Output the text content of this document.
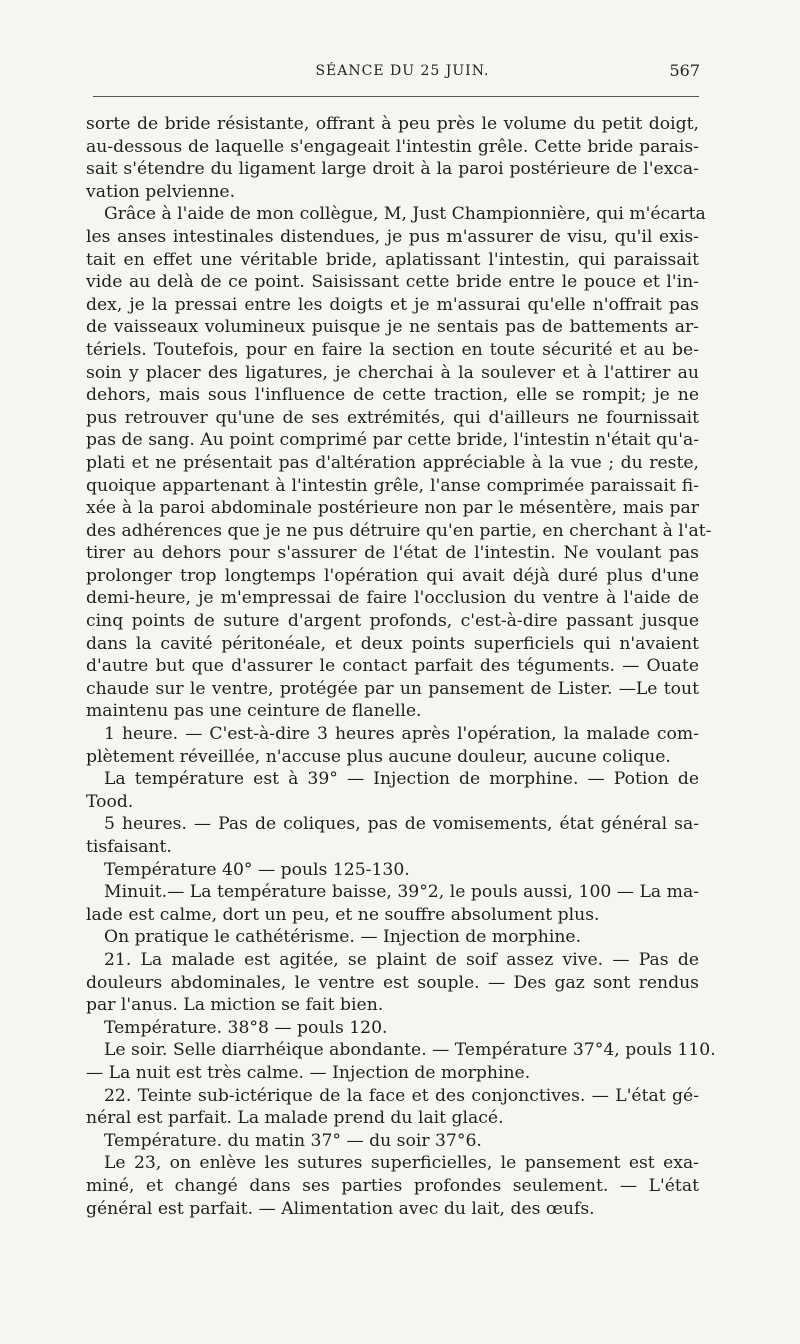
SÉANCE DU 25 JUIN.	567
sorte de bride résistante, offrant à peu près le volume du petit doigt,
au-dessous de laquelle s'engageait l'intestin grêle. Cette bride parais-
sait s'étendre du ligament large droit à la paroi postérieure de l'exca-
vation pelvienne.
Grâce à l'aide de mon collègue, M, Just Championnière, qui m'écarta
les anses intestinales distendues, je pus m'assurer de visu, qu'il exis-
tait en effet une véritable bride, aplatissant l'intestin, qui paraissait
vide au delà de ce point. Saisissant cette bride entre le pouce et l'in-
dex, je la pressai entre les doigts et je m'assurai qu'elle n'offrait pas
de vaisseaux volumineux puisque je ne sentais pas de battements ar-
tériels. Toutefois, pour en faire la section en toute sécurité et au be-
soin y placer des ligatures, je cherchai à la soulever et à l'attirer au
dehors, mais sous l'influence de cette traction, elle se rompit; je ne
pus retrouver qu'une de ses extrémités, qui d'ailleurs ne fournissait
pas de sang. Au point comprimé par cette bride, l'intestin n'était qu'a-
plati et ne présentait pas d'altération appréciable à la vue ; du reste,
quoique appartenant à l'intestin grêle, l'anse comprimée paraissait fi-
xée à la paroi abdominale postérieure non par le mésentère, mais par
des adhérences que je ne pus détruire qu'en partie, en cherchant à l'at-
tirer au dehors pour s'assurer de l'état de l'intestin. Ne voulant pas
prolonger trop longtemps l'opération qui avait déjà duré plus d'une
demi-heure, je m'empressai de faire l'occlusion du ventre à l'aide de
cinq points de suture d'argent profonds, c'est-à-dire passant jusque
dans la cavité péritonéale, et deux points superficiels qui n'avaient
d'autre but que d'assurer le contact parfait des téguments. — Ouate
chaude sur le ventre, protégée par un pansement de Lister. —Le tout
maintenu pas une ceinture de flanelle.
1 heure. — C'est-à-dire 3 heures après l'opération, la malade com-
plètement réveillée, n'accuse plus aucune douleur, aucune colique.
La température est à 39° — Injection de morphine. — Potion de
Tood.
5 heures. — Pas de coliques, pas de vomisements, état général sa-
tisfaisant.
Température 40° — pouls 125-130.
Minuit.— La température baisse, 39°2, le pouls aussi, 100 — La ma-
lade est calme, dort un peu, et ne souffre absolument plus.
On pratique le cathétérisme. — Injection de morphine.
21. La malade est agitée, se plaint de soif assez vive. — Pas de
douleurs abdominales, le ventre est souple. — Des gaz sont rendus
par l'anus. La miction se fait bien.
Température. 38°8 — pouls 120.
Le soir. Selle diarrhéique abondante. — Température 37°4, pouls 110.
— La nuit est très calme. — Injection de morphine.
22. Teinte sub-ictérique de la face et des conjonctives. — L'état gé-
néral est parfait. La malade prend du lait glacé.
Température. du matin 37° — du soir 37°6.
Le 23, on enlève les sutures superficielles, le pansement est exa-
miné, et changé dans ses parties profondes seulement. — L'état
général est parfait. — Alimentation avec du lait, des œufs.
